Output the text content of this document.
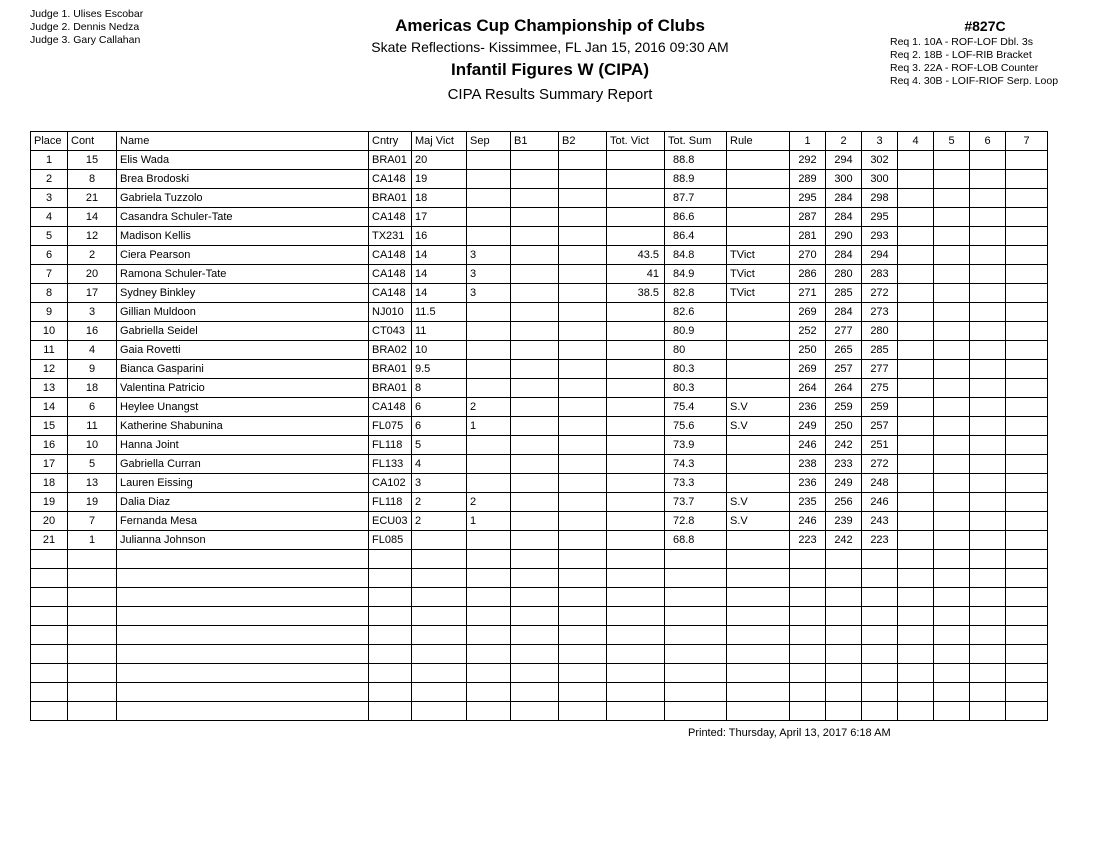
Judge 1. Ulises Escobar
Judge 2. Dennis Nedza
Judge 3. Gary Callahan
Americas Cup Championship of Clubs
Skate Reflections- Kissimmee, FL Jan 15, 2016 09:30 AM
Infantil Figures W (CIPA)
CIPA Results Summary Report
#827C
Req 1. 10A - ROF-LOF Dbl. 3s
Req 2. 18B - LOF-RIB Bracket
Req 3. 22A - ROF-LOB Counter
Req 4. 30B - LOIF-RIOF Serp. Loop
Place	Cont	Name	Cntry	Maj Vict	Sep	B1	B2	Tot. Vict	Tot. Sum	Rule	1	2	3	4	5	6	7
1	15	Elis Wada	BRA01	20					88.8		292	294	302				
2	8	Brea Brodoski	CA148	19					88.9		289	300	300				
3	21	Gabriela Tuzzolo	BRA01	18					87.7		295	284	298				
4	14	Casandra Schuler-Tate	CA148	17					86.6		287	284	295				
5	12	Madison Kellis	TX231	16					86.4		281	290	293				
6	2	Ciera Pearson	CA148	14	3			43.5	84.8	TVict	270	284	294				
7	20	Ramona Schuler-Tate	CA148	14	3			41	84.9	TVict	286	280	283				
8	17	Sydney Binkley	CA148	14	3			38.5	82.8	TVict	271	285	272				
9	3	Gillian Muldoon	NJ010	11.5					82.6		269	284	273				
10	16	Gabriella Seidel	CT043	11					80.9		252	277	280				
11	4	Gaia Rovetti	BRA02	10					80		250	265	285				
12	9	Bianca Gasparini	BRA01	9.5					80.3		269	257	277				
13	18	Valentina Patricio	BRA01	8					80.3		264	264	275				
14	6	Heylee Unangst	CA148	6	2				75.4	S.V	236	259	259				
15	11	Katherine Shabunina	FL075	6	1				75.6	S.V	249	250	257				
16	10	Hanna Joint	FL118	5					73.9		246	242	251				
17	5	Gabriella Curran	FL133	4					74.3		238	233	272				
18	13	Lauren Eissing	CA102	3					73.3		236	249	248				
19	19	Dalia Diaz	FL118	2	2				73.7	S.V	235	256	246				
20	7	Fernanda Mesa	ECU03	2	1				72.8	S.V	246	239	243				
21	1	Julianna Johnson	FL085						68.8		223	242	223				

Printed: Thursday, April 13, 2017 6:18 AM
